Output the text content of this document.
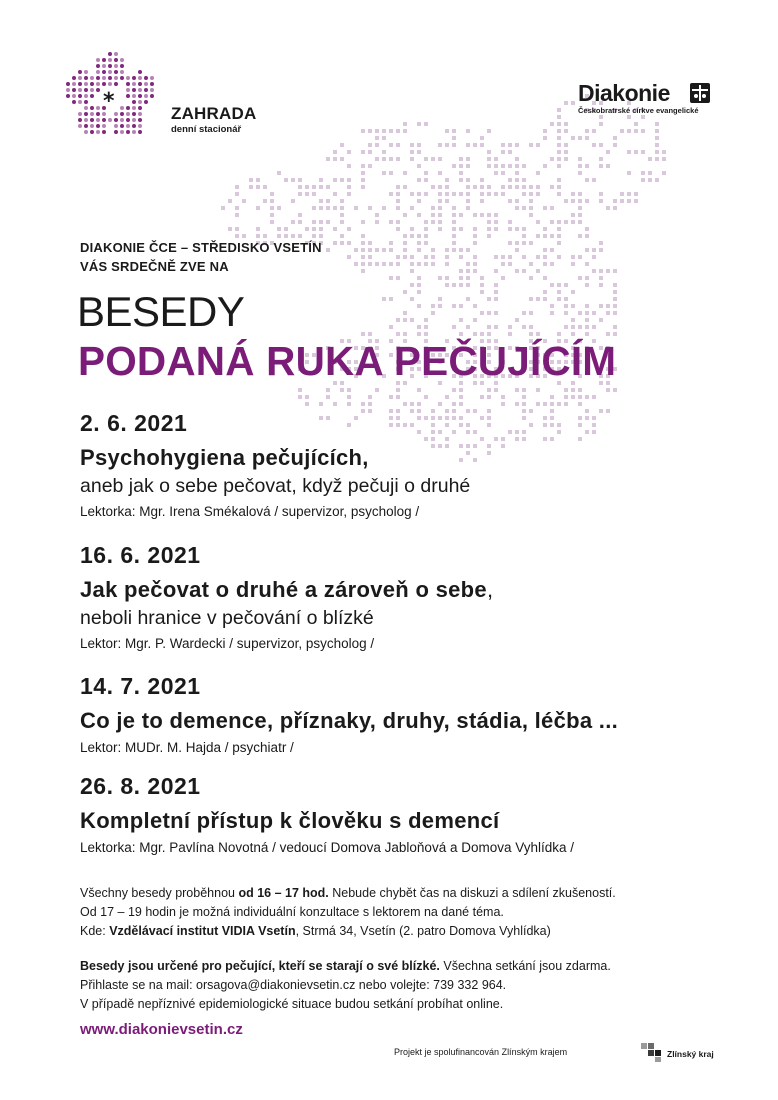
*	ZAHRADA
denní stacionář
Diakonie
Českobratrské církve evangelické
DIAKONIE ČCE – STŘEDISKO VSETÍN
VÁS SRDEČNĚ ZVE NA
BESEDY
PODANÁ RUKA PEČUJÍCÍM
2. 6. 2021
Psychohygiena pečujících,
aneb jak o sebe pečovat, když pečuji o druhé
Lektorka: Mgr. Irena Smékalová / supervizor, psycholog /
16. 6. 2021
Jak pečovat o druhé a zároveň o sebe,
neboli hranice v pečování o blízké
Lektor: Mgr. P. Wardecki / supervizor, psycholog /
14. 7. 2021
Co je to demence, příznaky, druhy, stádia, léčba ...
Lektor: MUDr. M. Hajda / psychiatr /
26. 8. 2021
Kompletní přístup k člověku s demencí
Lektorka: Mgr. Pavlína Novotná / vedoucí Domova Jabloňová a Domova Vyhlídka /
Všechny besedy proběhnou od 16 – 17 hod. Nebude chybět čas na diskuzi a sdílení zkušeností.
Od 17 – 19 hodin je možná individuální konzultace s lektorem na dané téma.
Kde: Vzdělávací institut VIDIA Vsetín, Strmá 34, Vsetín (2. patro Domova Vyhlídka)
Besedy jsou určené pro pečující, kteří se starají o své blízké. Všechna setkání jsou zdarma.
Přihlaste se na mail: orsagova@diakonievsetin.cz nebo volejte: 739 332 964.
V případě nepříznivé epidemiologické situace budou setkání probíhat online.
www.diakonievsetin.cz
Projekt je spolufinancován Zlínským krajem	Zlínský kraj
